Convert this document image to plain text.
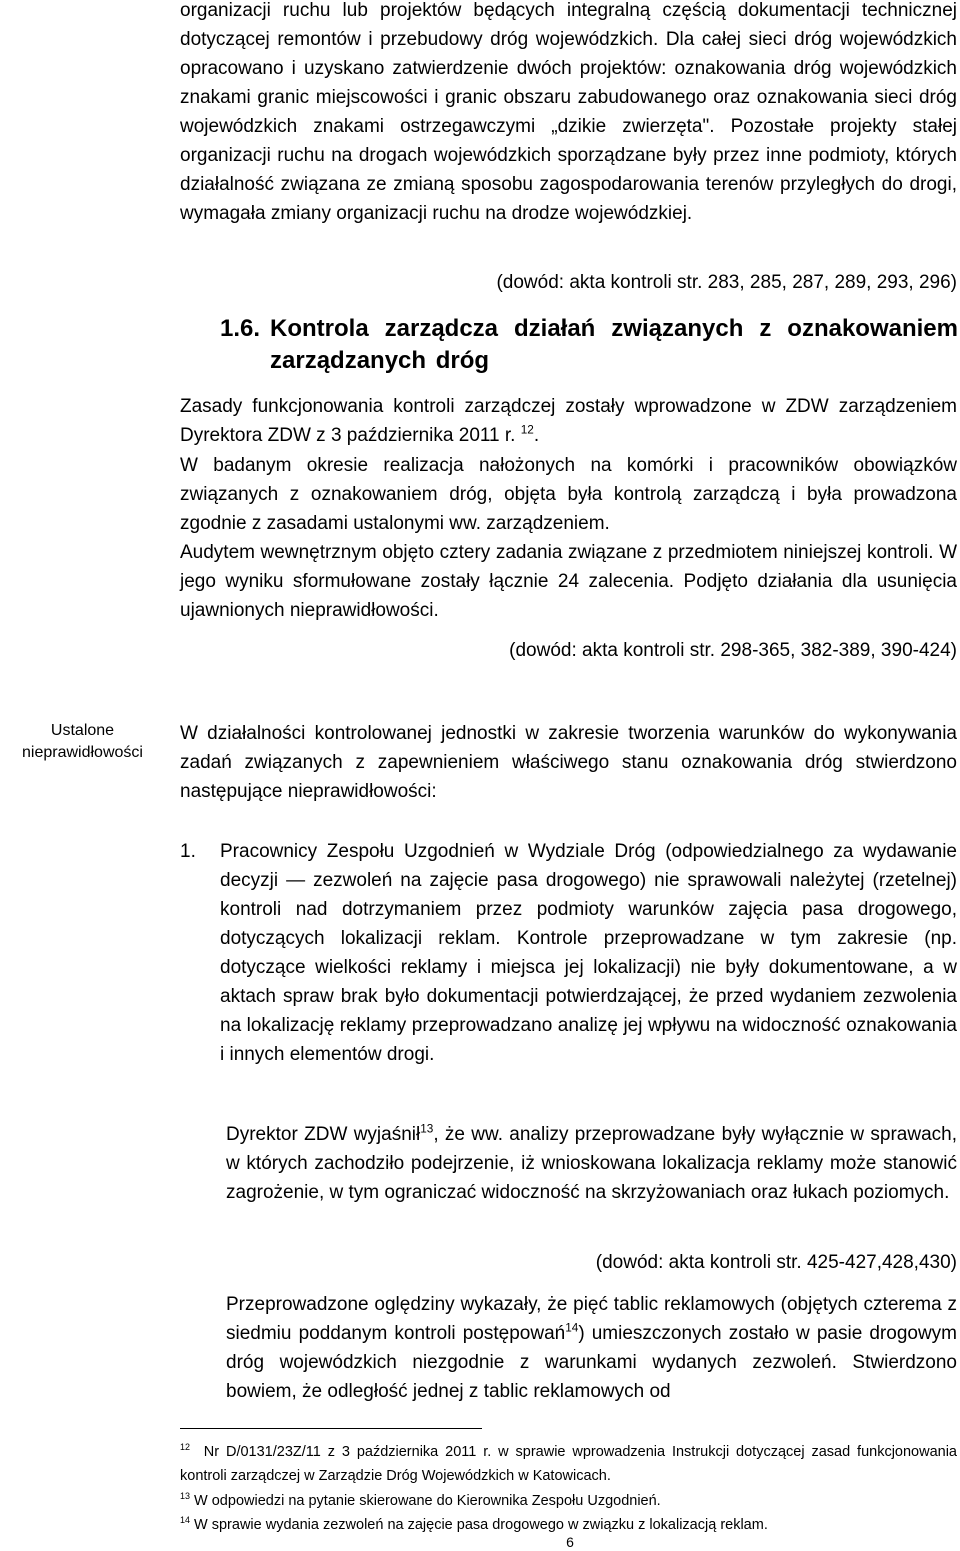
organizacji ruchu lub projektów będących integralną częścią dokumentacji technicznej dotyczącej remontów i przebudowy dróg wojewódzkich. Dla całej sieci dróg wojewódzkich opracowano i uzyskano zatwierdzenie dwóch projektów: oznakowania dróg wojewódzkich znakami granic miejscowości i granic obszaru zabudowanego oraz oznakowania sieci dróg wojewódzkich znakami ostrzegawczymi „dzikie zwierzęta". Pozostałe projekty stałej organizacji ruchu na drogach wojewódzkich sporządzane były przez inne podmioty, których działalność związana ze zmianą sposobu zagospodarowania terenów przyległych do drogi, wymagała zmiany organizacji ruchu na drodze wojewódzkiej.
(dowód: akta kontroli str. 283, 285, 287, 289, 293, 296)
1.6. Kontrola zarządcza działań związanych z oznakowaniem zarządzanych dróg
Zasady funkcjonowania kontroli zarządczej zostały wprowadzone w ZDW zarządzeniem Dyrektora ZDW z 3 października 2011 r. $^{12}$.
W badanym okresie realizacja nałożonych na komórki i pracowników obowiązków związanych z oznakowaniem dróg, objęta była kontrolą zarządczą i była prowadzona zgodnie z zasadami ustalonymi ww. zarządzeniem.
Audytem wewnętrznym objęto cztery zadania związane z przedmiotem niniejszej kontroli. W jego wyniku sformułowane zostały łącznie 24 zalecenia. Podjęto działania dla usunięcia ujawnionych nieprawidłowości.
(dowód: akta kontroli str. 298-365, 382-389, 390-424)
Ustalone nieprawidłowości
W działalności kontrolowanej jednostki w zakresie tworzenia warunków do wykonywania zadań związanych z zapewnieniem właściwego stanu oznakowania dróg stwierdzono następujące nieprawidłowości:
1.	Pracownicy Zespołu Uzgodnień w Wydziale Dróg (odpowiedzialnego za wydawanie decyzji — zezwoleń na zajęcie pasa drogowego) nie sprawowali należytej (rzetelnej) kontroli nad dotrzymaniem przez podmioty warunków zajęcia pasa drogowego, dotyczących lokalizacji reklam. Kontrole przeprowadzane w tym zakresie (np. dotyczące wielkości reklamy i miejsca jej lokalizacji) nie były dokumentowane, a w aktach spraw brak było dokumentacji potwierdzającej, że przed wydaniem zezwolenia na lokalizację reklamy przeprowadzano analizę jej wpływu na widoczność oznakowania i innych elementów drogi.
Dyrektor ZDW wyjaśnił$^{13}$, że ww. analizy przeprowadzane były wyłącznie w sprawach, w których zachodziło podejrzenie, iż wnioskowana lokalizacja reklamy może stanowić zagrożenie, w tym ograniczać widoczność na skrzyżowaniach oraz łukach poziomych.
(dowód: akta kontroli str. 425-427,428,430)
Przeprowadzone oględziny wykazały, że pięć tablic reklamowych (objętych czterema z siedmiu poddanym kontroli postępowań$^{14}$) umieszczonych zostało w pasie drogowym dróg wojewódzkich niezgodnie z warunkami wydanych zezwoleń. Stwierdzono bowiem, że odległość jednej z tablic reklamowych od
$^{12}$ Nr D/0131/23Z/11 z 3 października 2011 r. w sprawie wprowadzenia Instrukcji dotyczącej zasad funkcjonowania kontroli zarządczej w Zarządzie Dróg Wojewódzkich w Katowicach.
$^{13}$ W odpowiedzi na pytanie skierowane do Kierownika Zespołu Uzgodnień.
$^{14}$ W sprawie wydania zezwoleń na zajęcie pasa drogowego w związku z lokalizacją reklam.
6
